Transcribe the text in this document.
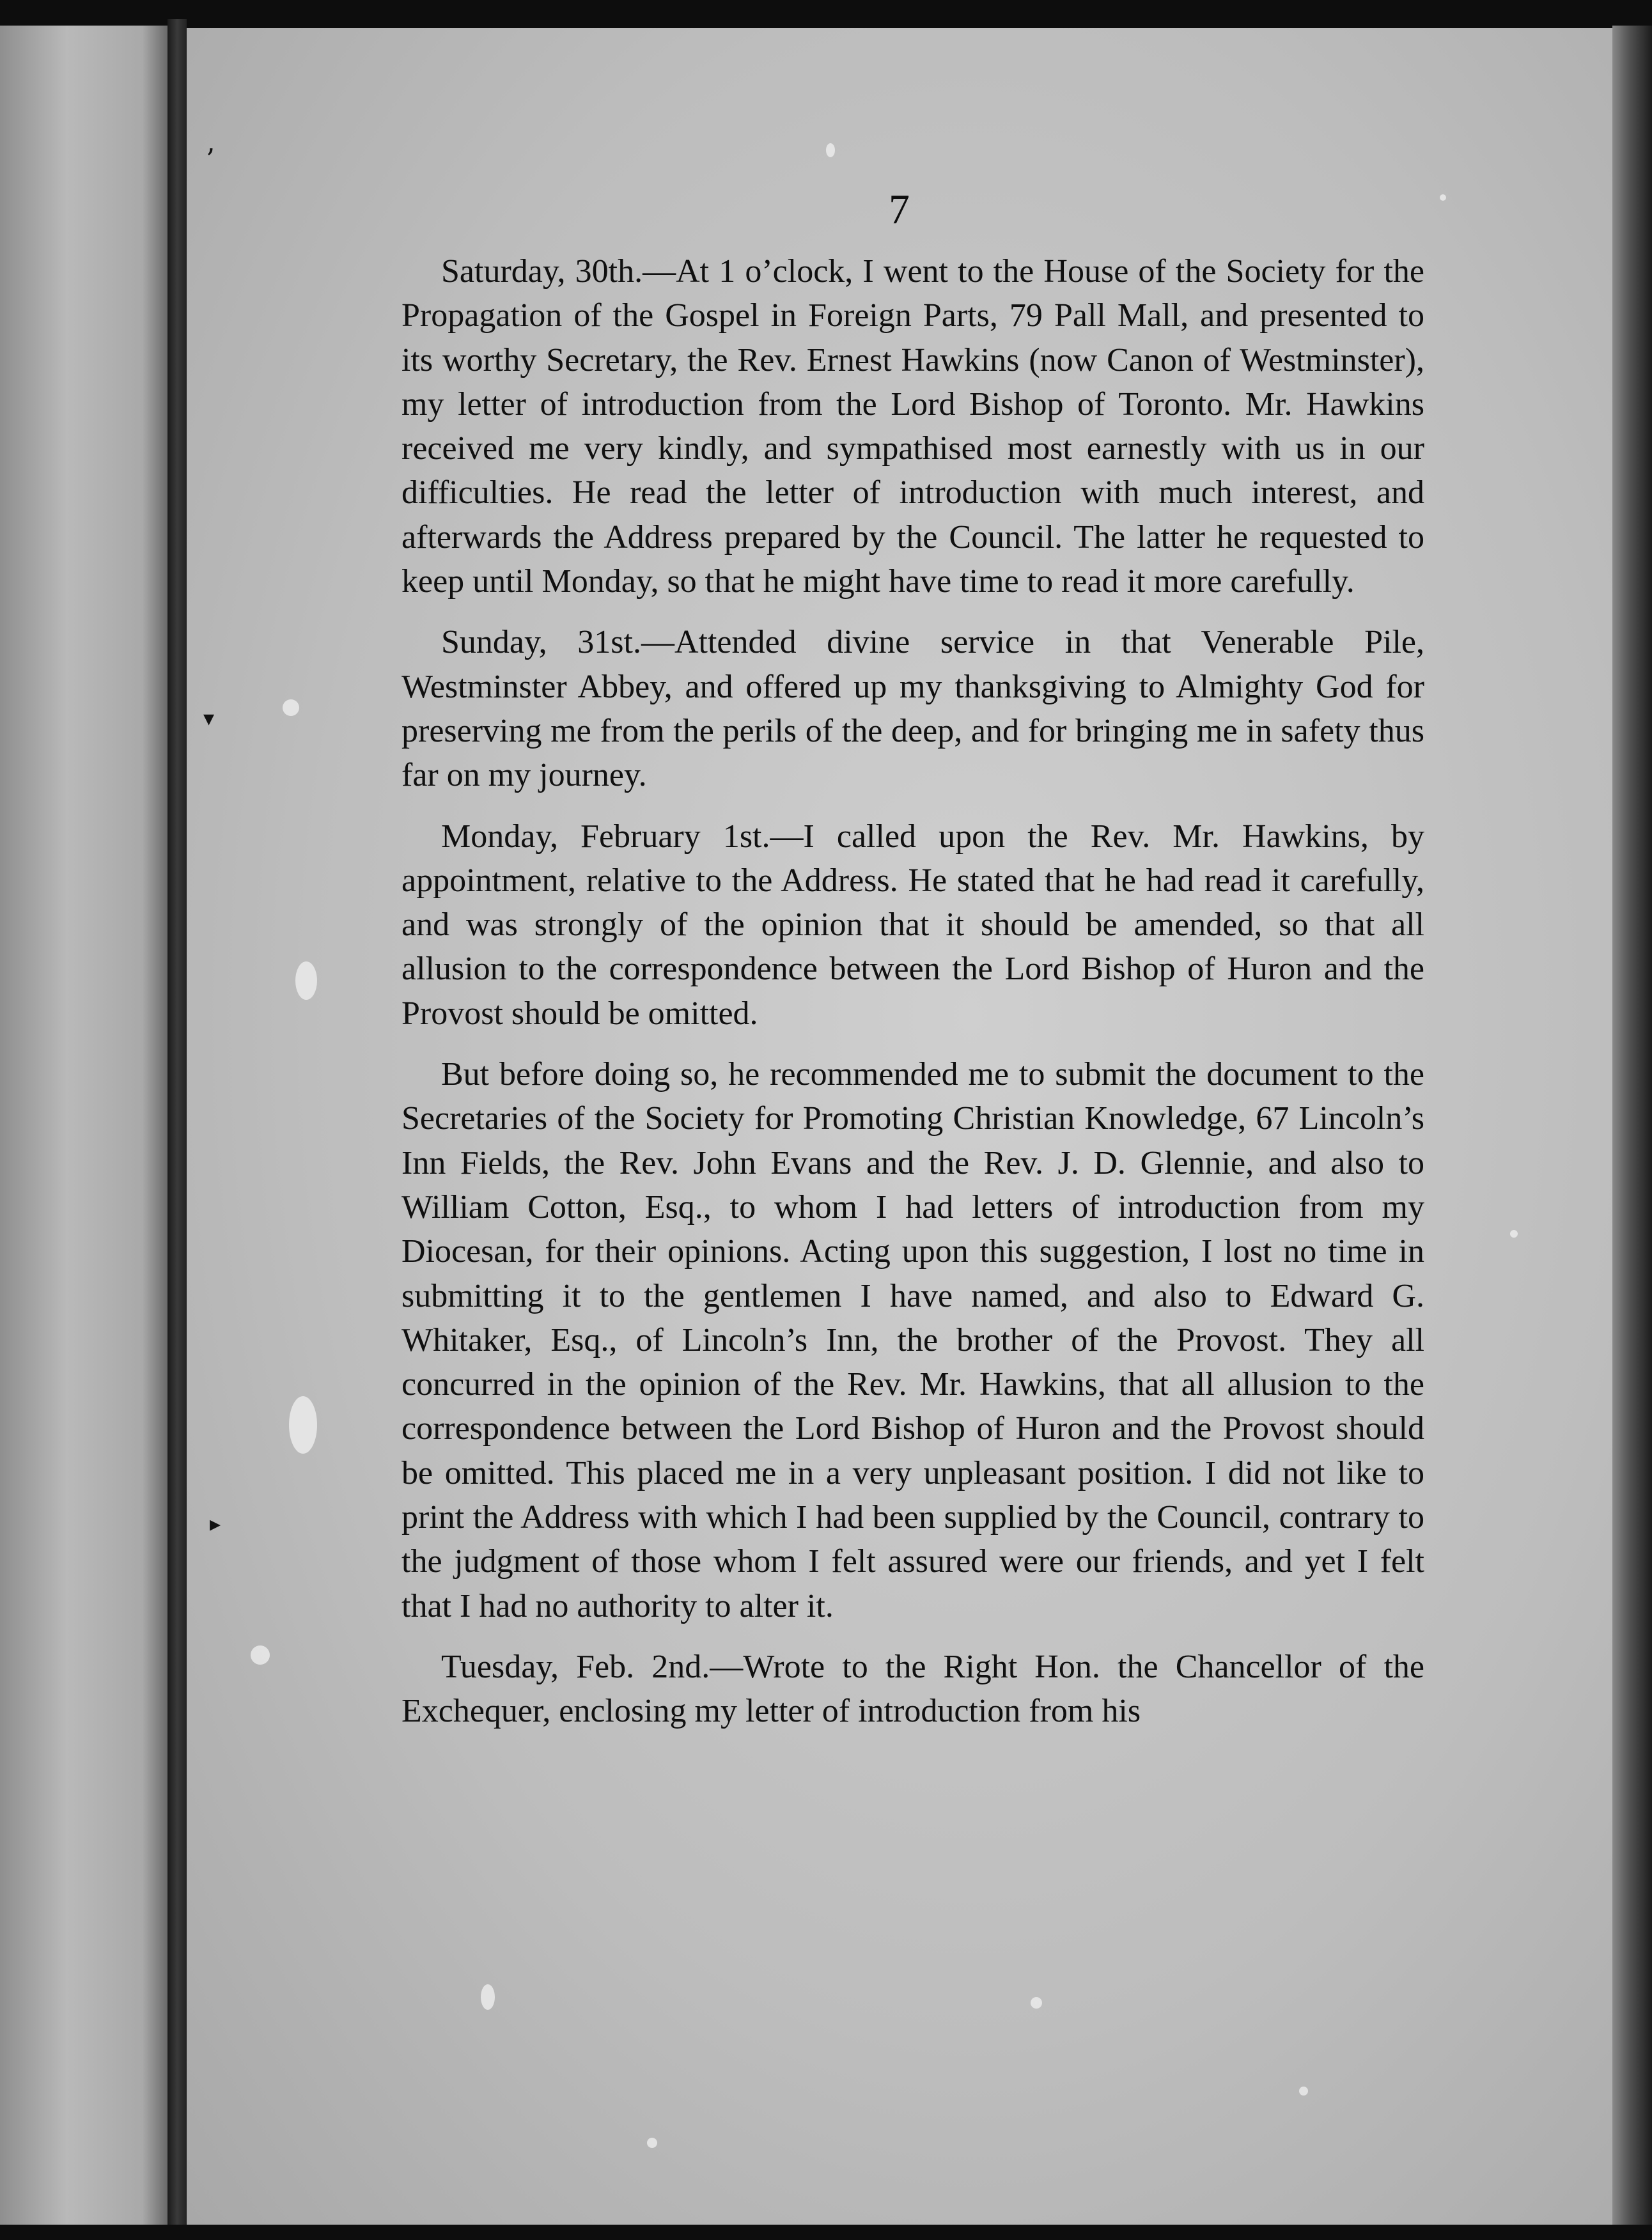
’
▾
▸
7

Saturday, 30th.—At 1 o’clock, I went to the House of the Society for the Propagation of the Gospel in Foreign Parts, 79 Pall Mall, and presented to its worthy Secretary, the Rev. Ernest Hawkins (now Canon of Westminster), my letter of introduction from the Lord Bishop of Toronto. Mr. Hawkins received me very kindly, and sympathised most earnestly with us in our difficulties. He read the letter of introduction with much interest, and afterwards the Address prepared by the Council. The latter he requested to keep until Monday, so that he might have time to read it more carefully.

Sunday, 31st.—Attended divine service in that Venerable Pile, Westminster Abbey, and offered up my thanksgiving to Almighty God for preserving me from the perils of the deep, and for bringing me in safety thus far on my journey.

Monday, February 1st.—I called upon the Rev. Mr. Hawkins, by appointment, relative to the Address. He stated that he had read it carefully, and was strongly of the opinion that it should be amended, so that all allusion to the correspondence between the Lord Bishop of Huron and the Provost should be omitted.

But before doing so, he recommended me to submit the document to the Secretaries of the Society for Promoting Christian Knowledge, 67 Lincoln’s Inn Fields, the Rev. John Evans and the Rev. J. D. Glennie, and also to William Cotton, Esq., to whom I had letters of introduction from my Diocesan, for their opinions. Acting upon this suggestion, I lost no time in submitting it to the gentlemen I have named, and also to Edward G. Whitaker, Esq., of Lincoln’s Inn, the brother of the Provost. They all concurred in the opinion of the Rev. Mr. Hawkins, that all allusion to the correspondence between the Lord Bishop of Huron and the Provost should be omitted. This placed me in a very unpleasant position. I did not like to print the Address with which I had been supplied by the Council, contrary to the judgment of those whom I felt assured were our friends, and yet I felt that I had no authority to alter it.

Tuesday, Feb. 2nd.—Wrote to the Right Hon. the Chancellor of the Exchequer, enclosing my letter of introduction from his
